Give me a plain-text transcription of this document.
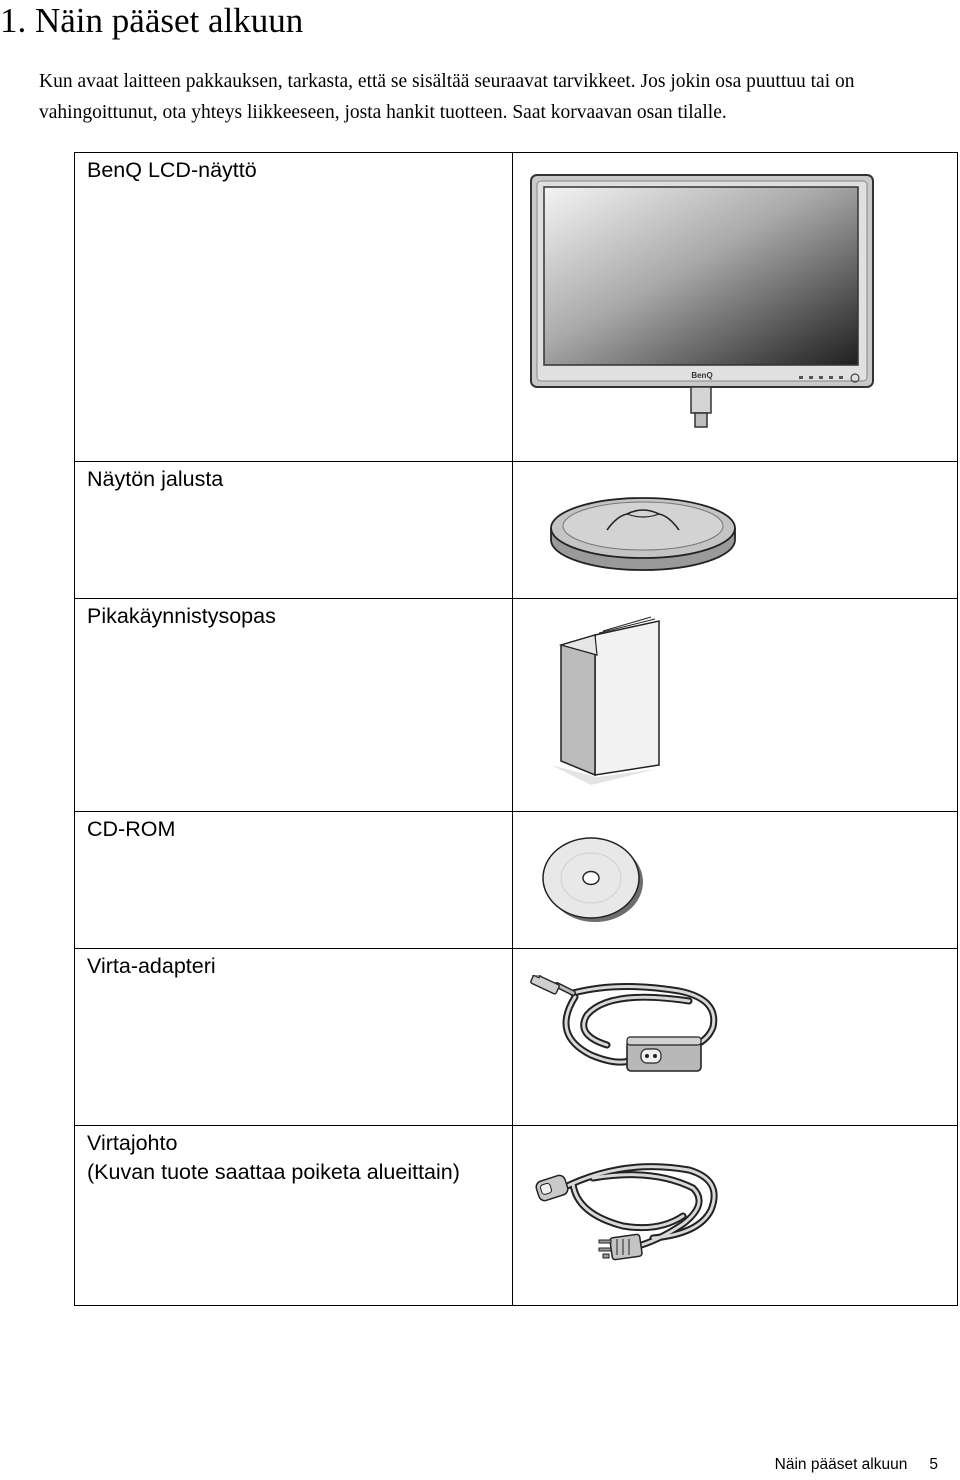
1. Näin pääset alkuun

Kun avaat laitteen pakkauksen, tarkasta, että se sisältää seuraavat tarvikkeet. Jos jokin osa puuttuu tai on vahingoittunut, ota yhteys liikkeeseen, josta hankit tuotteen. Saat korvaavan osan tilalle.

BenQ LCD-näyttö	BenQ

Näytön jalusta

Pikakäynnistysopas

CD-ROM

Virta-adapteri

Virtajohto
(Kuvan tuote saattaa poiketa alueittain)

Näin pääset alkuun 5
